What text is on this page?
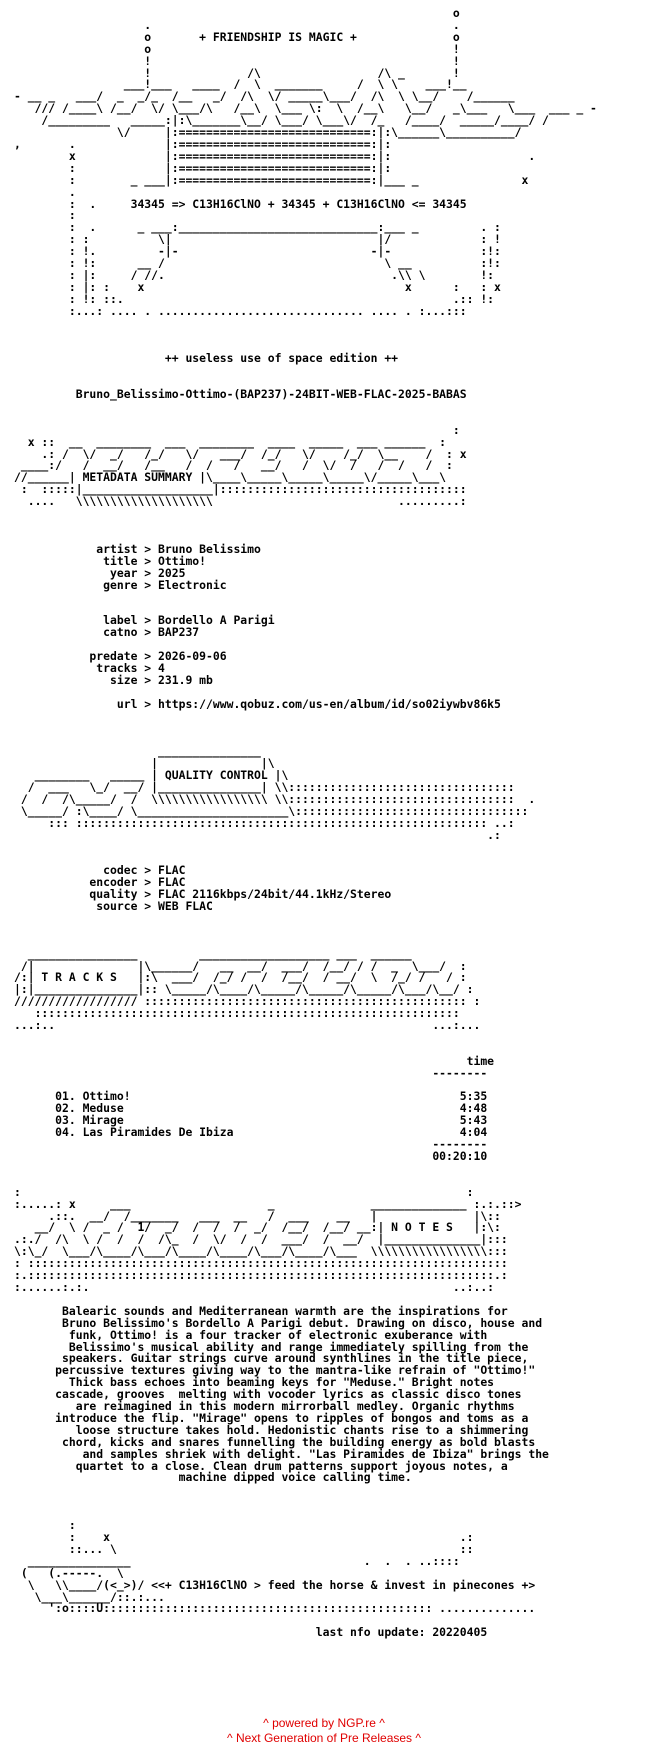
o
.                                            .
o       + FRIENDSHIP IS MAGIC +              o
o                                            !
!                                            !
!              /\                 /\ _       !
___!___   ____  /  \  _______     /  \ \    ___!__
- __ _   ___/  _  _/_  /__   _/  /\  \/ _____\___/  /\  \ \__/    /______
/// /____\ /__/  \/ \___/\   /__\  \___ \:  \  /__\   \__/   _\___   \___  ___ _ -
/_________   _____:|:\_______\__/ \___/ \___\/  /_   /____/  _____/____/ /
\/     |:============================:|:\______\__________/
,       .             |:============================:|:
x             |:============================:|:                    .
:             |:============================:|:
:        _ ___|:============================:|___ _               x
.
:  .     34345 => C13H16ClNO + 34345 + C13H16ClNO <= 34345
:
:  .      _ ___:_____________________________:___ _         . :
: :          \|                              |/             : !
: !.         -|-                            -|-             :!:
: !:      __ /                                \ __          :!:
: |:     / //.                                 .\\ \        !:
: |: :    x                                      x      :   : x
: !: ::.                                                .:: !:
:...: .... . .............................. .... . :...:::

++ useless use of space edition ++

Bruno_Belissimo-Ottimo-(BAP237)-24BIT-WEB-FLAC-2025-BABAS

:
x ::  __  ________  ___  ________  ____  _____  ___ ______  :
.: /  \/  _/   /_/   \/   ___/  /_/   \/    /_/  \__    /  : x
____:/   /  __/   /__   /  /   /   __/   /  \/  /   /  /   /  :
//______| METADATA SUMMARY |\____\_____\_____\_____\/_____\___\
:  :::::|___________________|::::::::::::::::::::::::::::::::::::
....   \\\\\\\\\\\\\\\\\\\\                           .........:

artist > Bruno Belissimo
title > Ottimo!
year > 2025
genre > Electronic

label > Bordello A Parigi
catno > BAP237

predate > 2026-09-06
tracks > 4
size > 231.9 mb

url > https://www.qobuz.com/us-en/album/id/so02iywbv86k5

_______________
|               |\
________   _____ | QUALITY CONTROL |\
/  ___   \_/  __/ |_______________| \\:::::::::::::::::::::::::::::::::
/  /  /\_____/  /  \\\\\\\\\\\\\\\\\ \\:::::::::::::::::::::::::::::::::  .
\_____/ :\____/ \______________________\::::::::::::::::::::::::::::::::::
::: :::::::::::::::::::::::::::::::::::::::::::::::::::::::::::: ..:
.:

codec > FLAC
encoder > FLAC
quality > FLAC 2116kbps/24bit/44.1kHz/Stereo
source > WEB FLAC

________________         ___________________ ___  ______
/|               |\______/   __  __/  ___/  /__/ / /  _  \___/  :
/:| T R A C K S   |:\  ___/  /_/ /  /  /__/  / __/  \  /_/ /   / :
|:|_______________|:: \_____/\____/\_____/\_____/\_____/\___/\__/ :
////////////////// ::::::::::::::::::::::::::::::::::::::::::::::: :
::::::::::::::::::::::::::::::::::::::::::::::::::::::::::::::
...:..                                                       ...:...

time
--------

01. Ottimo!                                                5:35
02. Meduse                                                 4:48
03. Mirage                                                 5:43
04. Las Piramides De Ibiza                                 4:04
--------
00:20:10

:                                                                 :
:.....: x     ___                    _              ______________ :.:.::>
.::.  __/  /_______   ___  __   /  ___    __   |              |\::
__/  \ /  _ /  1/  _/  /  /  /  _/  /__/  /__/ __:| N O T E S   |:\:
.:./  /\  \ /  /  /  /\_  /  \/  /  /  ___/  /  __/  |______________|:::
\:\_/  \___/\____/\___/\____/\____/\___/\____/\___  \\\\\\\\\\\\\\\\\:::
: ::::::::::::::::::::::::::::::::::::::::::::::::::::::::::::::::::::::
:.::::::::::::::::::::::::::::::::::::::::::::::::::::::::::::::::::::.:
:......:.:.                                                     ..:..:

Balearic sounds and Mediterranean warmth are the inspirations for
Bruno Belissimo's Bordello A Parigi debut. Drawing on disco, house and
funk, Ottimo! is a four tracker of electronic exuberance with
Belissimo's musical ability and range immediately spilling from the
speakers. Guitar strings curve around synthlines in the title piece,
percussive textures giving way to the mantra-like refrain of "Ottimo!"
Thick bass echoes into beaming keys for "Meduse." Bright notes
cascade, grooves  melting with vocoder lyrics as classic disco tones
are reimagined in this modern mirrorball medley. Organic rhythms
introduce the flip. "Mirage" opens to ripples of bongos and toms as a
loose structure takes hold. Hedonistic chants rise to a shimmering
chord, kicks and snares funnelling the building energy as bold blasts
and samples shriek with delight. "Las Piramides de Ibiza" brings the
quartet to a close. Clean drum patterns support joyous notes, a
machine dipped voice calling time.

:
:    x                                                   .:
::... \                                                  ::
_______________                                  .  .  . ..::::
(   (.-----.  \
\   \\____/(<_>)/ <<+ C13H16ClNO > feed the horse & invest in pinecones +>
\___\______/::.:...
':o::::U:::::::::::::::::::::::::::::::::::::::::::::::: ..............

last nfo update: 20220405
^ powered by NGP.re ^
^ Next Generation of Pre Releases ^
